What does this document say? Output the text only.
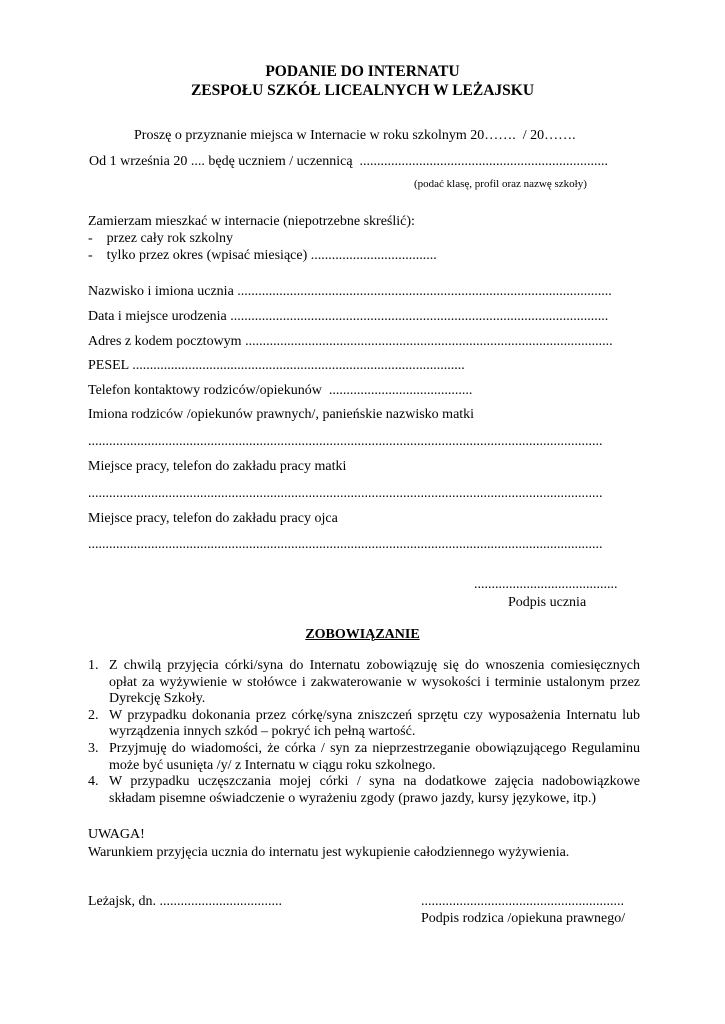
PODANIE DO INTERNATU
ZESPOŁU SZKÓŁ LICEALNYCH W LEŻAJSKU
Proszę o przyznanie miejsca w Internacie w roku szkolnym 20…….  / 20…….
Od 1 września 20 .... będę uczniem / uczennicą  .......................................................................
(podać klasę, profil oraz nazwę szkoły)
Zamierzam mieszkać w internacie (niepotrzebne skreślić):
-    przez cały rok szkolny
-    tylko przez okres (wpisać miesiące) ....................................
Nazwisko i imiona ucznia ...........................................................................................................
Data i miejsce urodzenia ............................................................................................................
Adres z kodem pocztowym .........................................................................................................
PESEL ...............................................................................................
Telefon kontaktowy rodziców/opiekunów  .........................................
Imiona rodziców /opiekunów prawnych/, panieńskie nazwisko matki
...................................................................................................................................................
Miejsce pracy, telefon do zakładu pracy matki
...................................................................................................................................................
Miejsce pracy, telefon do zakładu pracy ojca
...................................................................................................................................................
.........................................
Podpis ucznia
ZOBOWIĄZANIE

1. Z chwilą przyjęcia córki/syna do Internatu zobowiązuję się do wnoszenia comiesięcznych opłat za wyżywienie w stołówce i zakwaterowanie w wysokości i terminie ustalonym przez Dyrekcję Szkoły.

2. W przypadku dokonania przez córkę/syna zniszczeń sprzętu czy wyposażenia Internatu lub wyrządzenia innych szkód – pokryć ich pełną wartość.

3. Przyjmuję do wiadomości, że córka / syn za nieprzestrzeganie obowiązującego Regulaminu może być usunięta /y/ z Internatu w ciągu roku szkolnego.

4. W przypadku uczęszczania mojej córki / syna na dodatkowe zajęcia nadobowiązkowe składam pisemne oświadczenie o wyrażeniu zgody (prawo jazdy, kursy językowe, itp.)

UWAGA!
Warunkiem przyjęcia ucznia do internatu jest wykupienie całodziennego wyżywienia.
Leżajsk, dn. ...................................	..........................................................
Podpis rodzica /opiekuna prawnego/
